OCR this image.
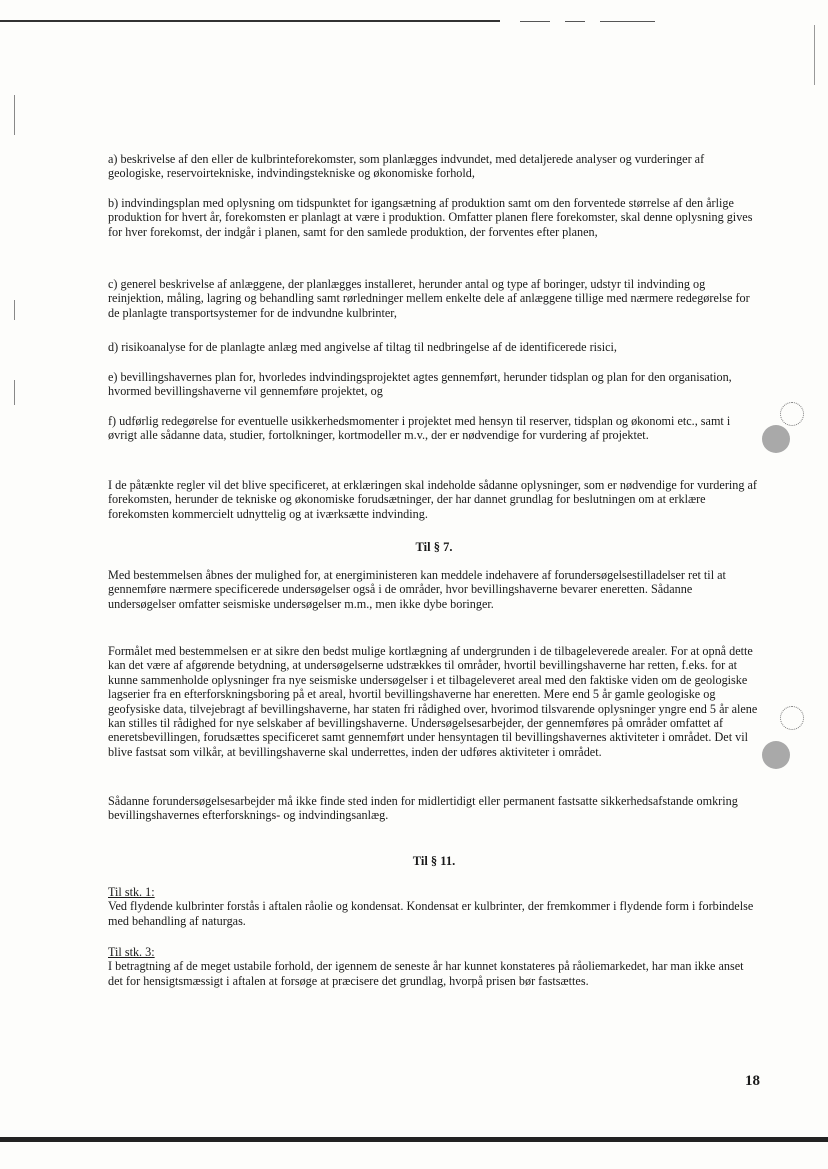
a) beskrivelse af den eller de kulbrinteforekomster, som planlægges indvundet, med detaljerede analyser og vurderinger af geologiske, reservoirtekniske, indvindingstekniske og økonomiske forhold,

b) indvindingsplan med oplysning om tidspunktet for igangsætning af produktion samt om den forventede størrelse af den årlige produktion for hvert år, forekomsten er planlagt at være i produktion. Omfatter planen flere forekomster, skal denne oplysning gives for hver forekomst, der indgår i planen, samt for den samlede produktion, der forventes efter planen,

c) generel beskrivelse af anlæggene, der planlægges installeret, herunder antal og type af boringer, udstyr til indvinding og reinjektion, måling, lagring og behandling samt rørledninger mellem enkelte dele af anlæggene tillige med nærmere redegørelse for de planlagte transportsystemer for de indvundne kulbrinter,

d) risikoanalyse for de planlagte anlæg med angivelse af tiltag til nedbringelse af de identificerede risici,

e) bevillingshavernes plan for, hvorledes indvindingsprojektet agtes gennemført, herunder tidsplan og plan for den organisation, hvormed bevillingshaverne vil gennemføre projektet, og

f) udførlig redegørelse for eventuelle usikkerhedsmomenter i projektet med hensyn til reserver, tidsplan og økonomi etc., samt i øvrigt alle sådanne data, studier, fortolkninger, kortmodeller m.v., der er nødvendige for vurdering af projektet.

I de påtænkte regler vil det blive specificeret, at erklæringen skal indeholde sådanne oplysninger, som er nødvendige for vurdering af forekomsten, herunder de tekniske og økonomiske forudsætninger, der har dannet grundlag for beslutningen om at erklære forekomsten kommercielt udnyttelig og at iværksætte indvinding.

Til § 7.

Med bestemmelsen åbnes der mulighed for, at energiministeren kan meddele indehavere af forundersøgelsestilladelser ret til at gennemføre nærmere specificerede undersøgelser også i de områder, hvor bevillingshaverne bevarer eneretten. Sådanne undersøgelser omfatter seismiske undersøgelser m.m., men ikke dybe boringer.

Formålet med bestemmelsen er at sikre den bedst mulige kortlægning af undergrunden i de tilbageleverede arealer. For at opnå dette kan det være af afgørende betydning, at undersøgelserne udstrækkes til områder, hvortil bevillingshaverne har retten, f.eks. for at kunne sammenholde oplysninger fra nye seismiske undersøgelser i et tilbageleveret areal med den faktiske viden om de geologiske lagserier fra en efterforskningsboring på et areal, hvortil bevillingshaverne har eneretten. Mere end 5 år gamle geologiske og geofysiske data, tilvejebragt af bevillingshaverne, har staten fri rådighed over, hvorimod tilsvarende oplysninger yngre end 5 år alene kan stilles til rådighed for nye selskaber af bevillingshaverne. Undersøgelsesarbejder, der gennemføres på områder omfattet af eneretsbevillingen, forudsættes specificeret samt gennemført under hensyntagen til bevillingshavernes aktiviteter i området. Det vil blive fastsat som vilkår, at bevillingshaverne skal underrettes, inden der udføres aktiviteter i området.

Sådanne forundersøgelsesarbejder må ikke finde sted inden for midlertidigt eller permanent fastsatte sikkerhedsafstande omkring bevillingshavernes efterforsknings- og indvindingsanlæg.

Til § 11.
Til stk. 1:
Ved flydende kulbrinter forstås i aftalen råolie og kondensat. Kondensat er kulbrinter, der fremkommer i flydende form i forbindelse med behandling af naturgas.
Til stk. 3:
I betragtning af de meget ustabile forhold, der igennem de seneste år har kunnet konstateres på råoliemarkedet, har man ikke anset det for hensigtsmæssigt i aftalen at forsøge at præcisere det grundlag, hvorpå prisen bør fastsættes.
18
